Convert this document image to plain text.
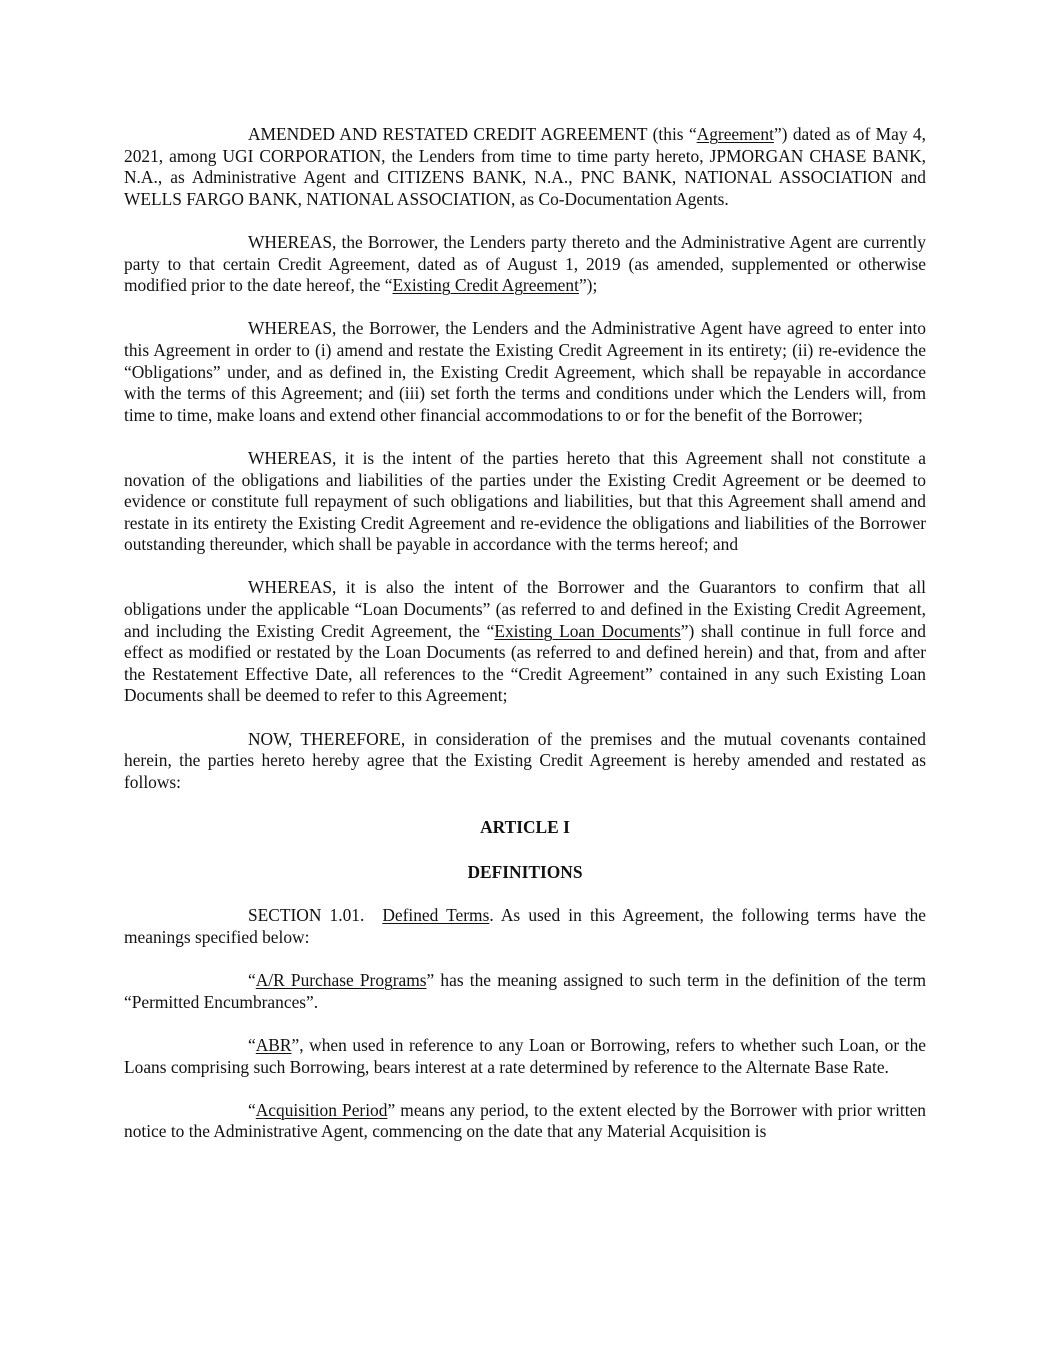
AMENDED AND RESTATED CREDIT AGREEMENT (this “Agreement”) dated as of May 4, 2021, among UGI CORPORATION, the Lenders from time to time party hereto, JPMORGAN CHASE BANK, N.A., as Administrative Agent and CITIZENS BANK, N.A., PNC BANK, NATIONAL ASSOCIATION and WELLS FARGO BANK, NATIONAL ASSOCIATION, as Co-Documentation Agents.

WHEREAS, the Borrower, the Lenders party thereto and the Administrative Agent are currently party to that certain Credit Agreement, dated as of August 1, 2019 (as amended, supplemented or otherwise modified prior to the date hereof, the “Existing Credit Agreement”);

WHEREAS, the Borrower, the Lenders and the Administrative Agent have agreed to enter into this Agreement in order to (i) amend and restate the Existing Credit Agreement in its entirety; (ii) re-evidence the “Obligations” under, and as defined in, the Existing Credit Agreement, which shall be repayable in accordance with the terms of this Agreement; and (iii) set forth the terms and conditions under which the Lenders will, from time to time, make loans and extend other financial accommodations to or for the benefit of the Borrower;

WHEREAS, it is the intent of the parties hereto that this Agreement shall not constitute a novation of the obligations and liabilities of the parties under the Existing Credit Agreement or be deemed to evidence or constitute full repayment of such obligations and liabilities, but that this Agreement shall amend and restate in its entirety the Existing Credit Agreement and re-evidence the obligations and liabilities of the Borrower outstanding thereunder, which shall be payable in accordance with the terms hereof; and

WHEREAS, it is also the intent of the Borrower and the Guarantors to confirm that all obligations under the applicable “Loan Documents” (as referred to and defined in the Existing Credit Agreement, and including the Existing Credit Agreement, the “Existing Loan Documents”) shall continue in full force and effect as modified or restated by the Loan Documents (as referred to and defined herein) and that, from and after the Restatement Effective Date, all references to the “Credit Agreement” contained in any such Existing Loan Documents shall be deemed to refer to this Agreement;

NOW, THEREFORE, in consideration of the premises and the mutual covenants contained herein, the parties hereto hereby agree that the Existing Credit Agreement is hereby amended and restated as follows:

ARTICLE I

DEFINITIONS

SECTION 1.01. Defined Terms. As used in this Agreement, the following terms have the meanings specified below:

“A/R Purchase Programs” has the meaning assigned to such term in the definition of the term “Permitted Encumbrances”.

“ABR”, when used in reference to any Loan or Borrowing, refers to whether such Loan, or the Loans comprising such Borrowing, bears interest at a rate determined by reference to the Alternate Base Rate.

“Acquisition Period” means any period, to the extent elected by the Borrower with prior written notice to the Administrative Agent, commencing on the date that any Material Acquisition is
